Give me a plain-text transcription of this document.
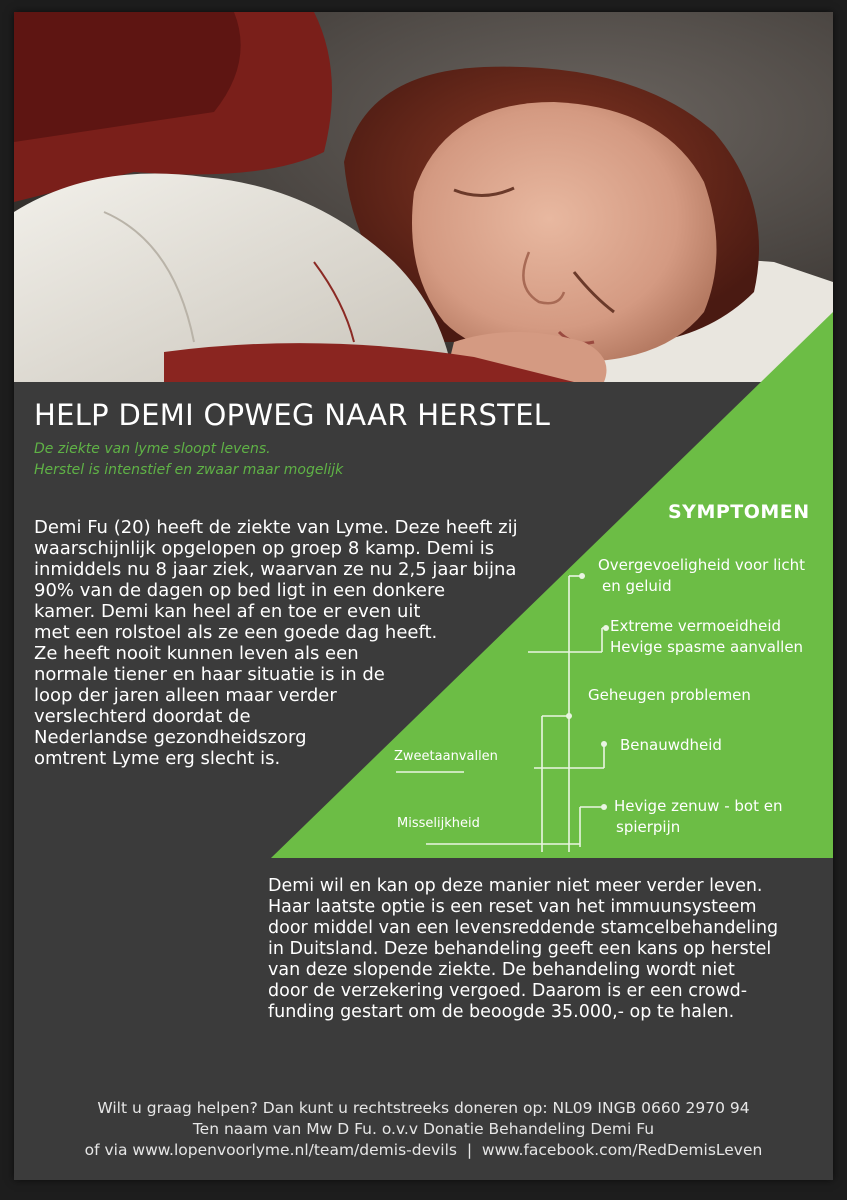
HELP DEMI OPWEG NAAR HERSTEL
De ziekte van lyme sloopt levens.
Herstel is intenstief en zwaar maar mogelijk
Demi Fu (20) heeft de ziekte van Lyme. Deze heeft zij
waarschijnlijk opgelopen op groep 8 kamp. Demi is
inmiddels nu 8 jaar ziek, waarvan ze nu 2,5 jaar bijna
90% van de dagen op bed ligt in een donkere
kamer. Demi kan heel af en toe er even uit
met een rolstoel als ze een goede dag heeft.
Ze heeft nooit kunnen leven als een
normale tiener en haar situatie is in de
loop der jaren alleen maar verder
verslechterd doordat de
Nederlandse gezondheidszorg
omtrent Lyme erg slecht is.
SYMPTOMEN
Overgevoeligheid voor licht
en geluid
Extreme vermoeidheid
Hevige spasme aanvallen
Geheugen problemen
Benauwdheid
Hevige zenuw - bot en
spierpijn
Zweetaanvallen
Misselijkheid
Demi wil en kan op deze manier niet meer verder leven.
Haar laatste optie is een reset van het immuunsysteem
door middel van een levensreddende stamcelbehandeling
in Duitsland. Deze behandeling geeft een kans op herstel
van deze slopende ziekte. De behandeling wordt niet
door de verzekering vergoed. Daarom is er een crowd-
funding gestart om de beoogde 35.000,- op te halen.
Wilt u graag helpen? Dan kunt u rechtstreeks doneren op: NL09 INGB 0660 2970 94
Ten naam van Mw D Fu. o.v.v Donatie Behandeling Demi Fu
of via www.lopenvoorlyme.nl/team/demis-devils | www.facebook.com/RedDemisLeven
